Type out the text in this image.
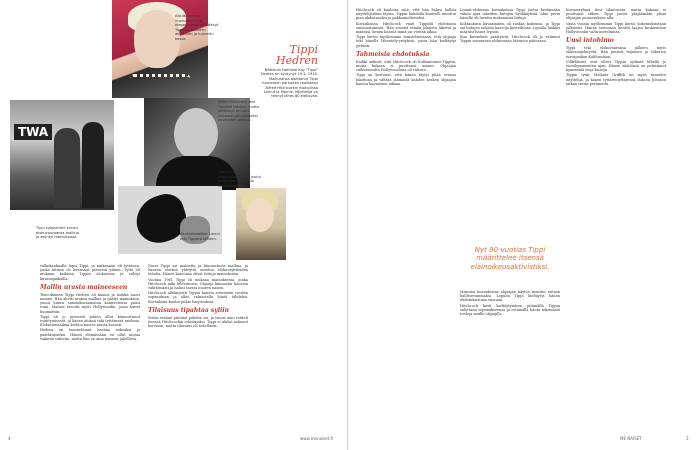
TWA
Aikuisoinnissa nuoruutensa ja eleganssinsa säilyttänyt Tippi on edelleen aktiivinen ja tunnettu kasvo.
Alfred Hitchcock teki Tippistä tähden, mutta yhteistyö muuttui nopeasti painajaiseksi kuvausten aikana.
Linnut-elokuvan kuvauksissa Tippi joutui kokemaan todellisia lintuhyökkäyksiä.
Tippi työskenteli ennen elokuvauraansa mallina ja esiintyi mainoksissa.
Kauhuklassikko Linnut teki Tippistä tähden.
Tippi Hedren
Nättikuin Nathalie Kay "Tippi" Hedren on syntynyt 19.1. 1930. Malliuransa aloittanut Tippi tunnetaan parhaiten roolistaan Alfred Hitchcockin elokuvissa Linnut ja Marnie. Näyttelijä on tehnyt lähes 80 elokuvaa.

valkokankaalla lapsi Tippi, ja mukanaan oli tyttönen, jonka äitinsä oli kuvannut pienestä pitäen. Tyttö oli mukana kaikissa Tippin elokuvissa ja viihtyi kuvauspaikoilla.

Mallin urasta maineeseen

Teini-ikäinen Tippi Hedren oli kaunis ja hoikka nuori nainen. Hän aloitti uransa mallina ja päätyi mainoksiin, joissa hänen sanoinkuvaamaton kauneutensa pääsi esiin. Mainos tavoitti myös Hollywoodin, jossa hänet huomattiin.

Tippi oli jo pienestä pitäen ollut kiinnostunut esiintymisestä, ja hänen äitinsä tuki tyttärensä unelmia. Elokuvamaailma kiehtoi nuorta naista kovasti.

Hedren on luonnehtinut itseään sitkeäksi ja päättäväiseksi. Hänen elämässään on ollut monia vaikeita vaiheita, mutta hän on aina noussut jaloilleen.

Nuori Tippi sai mainetta ja kiinnostusta mallina, ja häneen otettiin yhteyttä useiden elokuvayhtiöiden taholta. Hänen kasvonsa olivat tuttuja mainoksista.

Vuonna 1961 Tippi oli mukana mainoksessa, jonka Hitchcock näki televisiosta. Ohjaaja kiinnostui hänestä välittömästi ja halusi tavata nuoren naisen.

Hitchcock allekirjoitti Tippin kanssa seitsemän vuoden sopimuksen ja alkoi valmistella häntä tähdeksi. Kuvauksiin kuului pitkiä harjoituksia.

Tilaisuus tipahtaa syliin

Sitten eräänä päivänä puhelin soi, ja vieras ääni esitteli itsensä Hitchcockin edustajaksi. Tippi ei aluksi uskonut korviaan, mutta tilaisuus oli todellinen.

Hitchcock oli kuuluisa siitä, että hän halusi hallita näyttelijöitään täysin. Tippin kohdalla kontrolli muuttui pian ahdistavaksi ja pakkomielteiseksi.

Kuvauksissa Hitchcock vaati Tippiltä ehdotonta omistautumista. Hän seurasi tämän jokaista liikettä ja määräsi, kenen kanssa tämä sai viettää aikaa.

Tippi kertoi myöhemmin muistelmissaan, että ohjaaja teki hänelle lähentely-yrityksiä, joista hän kieltäytyi jyrkästi.

Tahmeisia ehdotuksia

Kaikki näkivät, että Hitchcock oli hullaantunut Tippiin, mutta kukaan ei puuttunut asiaan. Ohjaajan vaikutusvalta Hollywoodissa oli valtava.

Tippi on kertonut, että hänen täytyi pitää ovensa lukittuna ja välttää jäämästä kahden kesken ohjaajan kanssa kuvausten aikana.

Linnut-elokuvan kuvauksissa Tippi joutui kestämään viikon ajan oikeiden lintujen hyökkäyksiä. Alun perin hänelle oli luvattu mekaanisia lintuja.

Kohtauksen kuvaaminen oli raskas kokemus, ja Tippi sai lintujen nokista haavoja kasvoihinsa. Lopulta lääkäri määräsi hänet lepoon.

Kun kuvaukset päättyivät, Hitchcock oli jo valinnut Tippin seuraavan elokuvansa Marnien pääosaan.

Nyt 90-vuotias Tippi määrittelee itsensä eläinoikeusaktivistiksi.

Marnien kuvauksissa ohjaajan käytös muuttui entistä hallitsevammaksi. Lopulta Tippi kieltäytyi hänen ehdotuksistaan suoraan.

Hitchcock kosti kieltäytymisen pitämällä Tippin sidottuna sopimukseensa ja estämällä häntä tekemästä rooleja muille ohjaajille.

Kuvausryhmä tiesi tilanteesta, mutta kukaan ei puuttunut siihen. Tippi joutui pärjäämään yksin ohjaajan painostuksen alla.

Vasta vuosia myöhemmin Tippi kertoi kokemuksistaan julkisesti. Hänen tarinansa herätti laajaa keskustelua Hollywoodin valta-asetelmista.

Uusi intohimo

Tippi teki elokuvauransa jälkeen myös eläinsuojelutyötä. Hän perusti leijonien ja tiikerien turvapaikan Kaliforniaan.

Villieläimet ovat olleet Tippin sydäntä lähellä jo vuosikymmenten ajan. Hänen säätiönsä on pelastanut kymmeniä isoja kissoja.

Tippin tytär Melanie Griffith on myös tunnettu näyttelijä, ja hänen tyttärentyttärensä Dakota Johnson jatkaa suvun perinnettä.

4	www.menaiset.fi	ME NAISET	5
